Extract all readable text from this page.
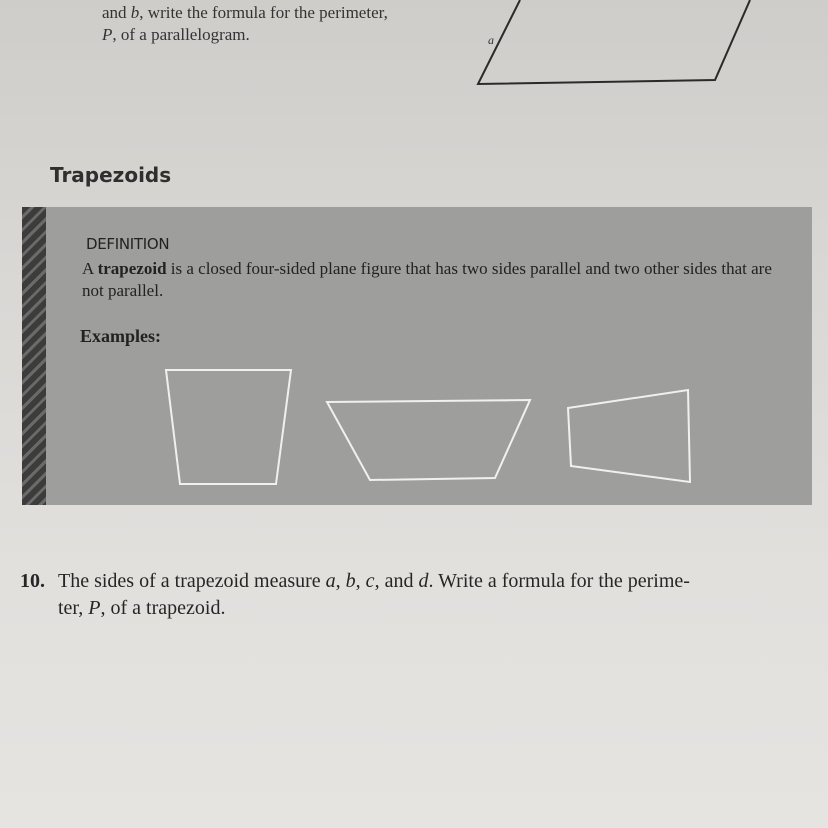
and b, write the formula for the perimeter,
P, of a parallelogram.	a
Trapezoids
DEFINITION
A trapezoid is a closed four-sided plane figure that has two sides parallel and two other sides that are not parallel.
Examples:
10. The sides of a trapezoid measure a, b, c, and d. Write a formula for the perime-
ter, P, of a trapezoid.
